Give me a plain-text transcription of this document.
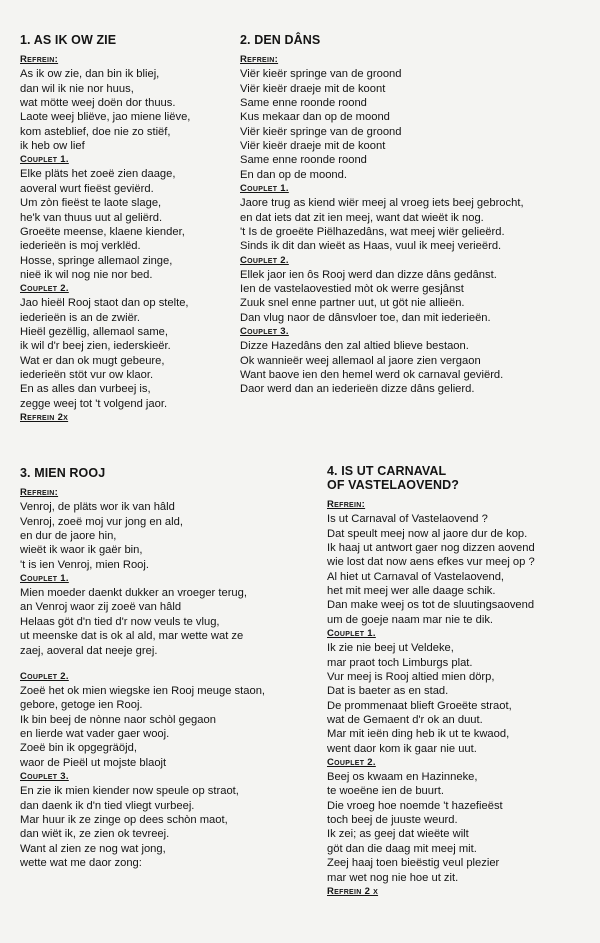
1. AS IK OW ZIE
Refrein:
As ik ow zie, dan bin ik bliej,
dan wil ik nie nor huus,
wat mötte weej doën dor thuus.
Laote weej bliëve, jao miene liëve,
kom asteblief, doe nie zo stiëf,
ik heb ow lief
Couplet 1.
Elke pläts het zoeë zien daage,
aoveral wurt fieëst geviërd.
Um zòn fieëst te laote slage,
he'k van thuus uut al geliërd.
Groeëte meense, klaene kiender,
iederieën is moj verklëd.
Hosse, springe allemaol zinge,
nieë ik wil nog nie nor bed.
Couplet 2.
Jao hieël Rooj staot dan op stelte,
iederieën is an de zwiër.
Hieël gezëllig, allemaol same,
ik wil d'r beej zien, iederskieër.
Wat er dan ok mugt gebeure,
iederieën stöt vur ow klaor.
En as alles dan vurbeej is,
zegge weej tot 't volgend jaor.
Refrein 2x
2. DEN DÂNS
Refrein:
Viër kieër springe van de groond
Viër kieër draeje mit de koont
Same enne roonde roond
Kus mekaar dan op de moond
Viër kieër springe van de groond
Viër kieër draeje mit de koont
Same enne roonde roond
En dan op de moond.
Couplet 1.
Jaore trug as kiend wiër meej al vroeg iets beej gebrocht,
en dat iets dat zit ien meej, want dat wieët ik nog.
't Is de groeëte Piëlhazedâns, wat meej wiër gelieërd.
Sinds ik dit dan wieët as Haas, vuul ik meej verieërd.
Couplet 2.
Ellek jaor ien ôs Rooj werd dan dizze dâns gedânst.
Ien de vastelaovestied mòt ok werre gesjânst
Zuuk snel enne partner uut, ut göt nie allieën.
Dan vlug naor de dânsvloer toe, dan mit iederieën.
Couplet 3.
Dizze Hazedâns den zal altied blieve bestaon.
Ok wannieër weej allemaol al jaore zien vergaon
Want baove ien den hemel werd ok carnaval geviërd.
Daor werd dan an iederieën dizze dâns gelierd.
3. MIEN ROOJ
Refrein:
Venroj, de pläts wor ik van hâld
Venroj, zoeë moj vur jong en ald,
en dur de jaore hin,
wieët ik waor ik gaër bin,
't is ien Venroj, mien Rooj.
Couplet 1.
Mien moeder daenkt dukker an vroeger terug,
an Venroj waor zij zoeë van hâld
Helaas göt d'n tied d'r now veuls te vlug,
ut meenske dat is ok al ald, mar wette wat ze
zaej, aoveral dat neeje grej.
Couplet 2.
Zoeë het ok mien wiegske ien Rooj meuge staon,
gebore, getoge ien Rooj.
Ik bin beej de nònne naor schòl gegaon
en lierde wat vader gaer wooj.
Zoeë bin ik opgegräöjd,
waor de Pieël ut mojste blaojt
Couplet 3.
En zie ik mien kiender now speule op straot,
dan daenk ik d'n tied vliegt vurbeej.
Mar huur ik ze zinge op dees schòn maot,
dan wiët ik, ze zien ok tevreej.
Want al zien ze nog wat jong,
wette wat me daor zong:
4. IS UT CARNAVAL
OF VASTELAOVEND?
Refrein:
Is ut Carnaval of Vastelaovend ?
Dat speult meej now al jaore dur de kop.
Ik haaj ut antwort gaer nog dizzen aovend
wie lost dat now aens efkes vur meej op ?
Al hiet ut Carnaval of Vastelaovend,
het mit meej wer alle daage schik.
Dan make weej os tot de sluutingsaovend
um de goeje naam mar nie te dik.
Couplet 1.
Ik zie nie beej ut Veldeke,
mar praot toch Limburgs plat.
Vur meej is Rooj altied mien dörp,
Dat is baeter as en stad.
De prommenaat blieft Groeëte straot,
wat de Gemaent d'r ok an duut.
Mar mit ieën ding heb ik ut te kwaod,
went daor kom ik gaar nie uut.
Couplet 2.
Beej os kwaam en Hazinneke,
te woeëne ien de buurt.
Die vroeg hoe noemde 't hazefieëst
toch beej de juuste weurd.
Ik zei; as geej dat wieëte wilt
göt dan die daag mit meej mit.
Zeej haaj toen bieëstig veul plezier
mar wet nog nie hoe ut zit.
Refrein 2 x
